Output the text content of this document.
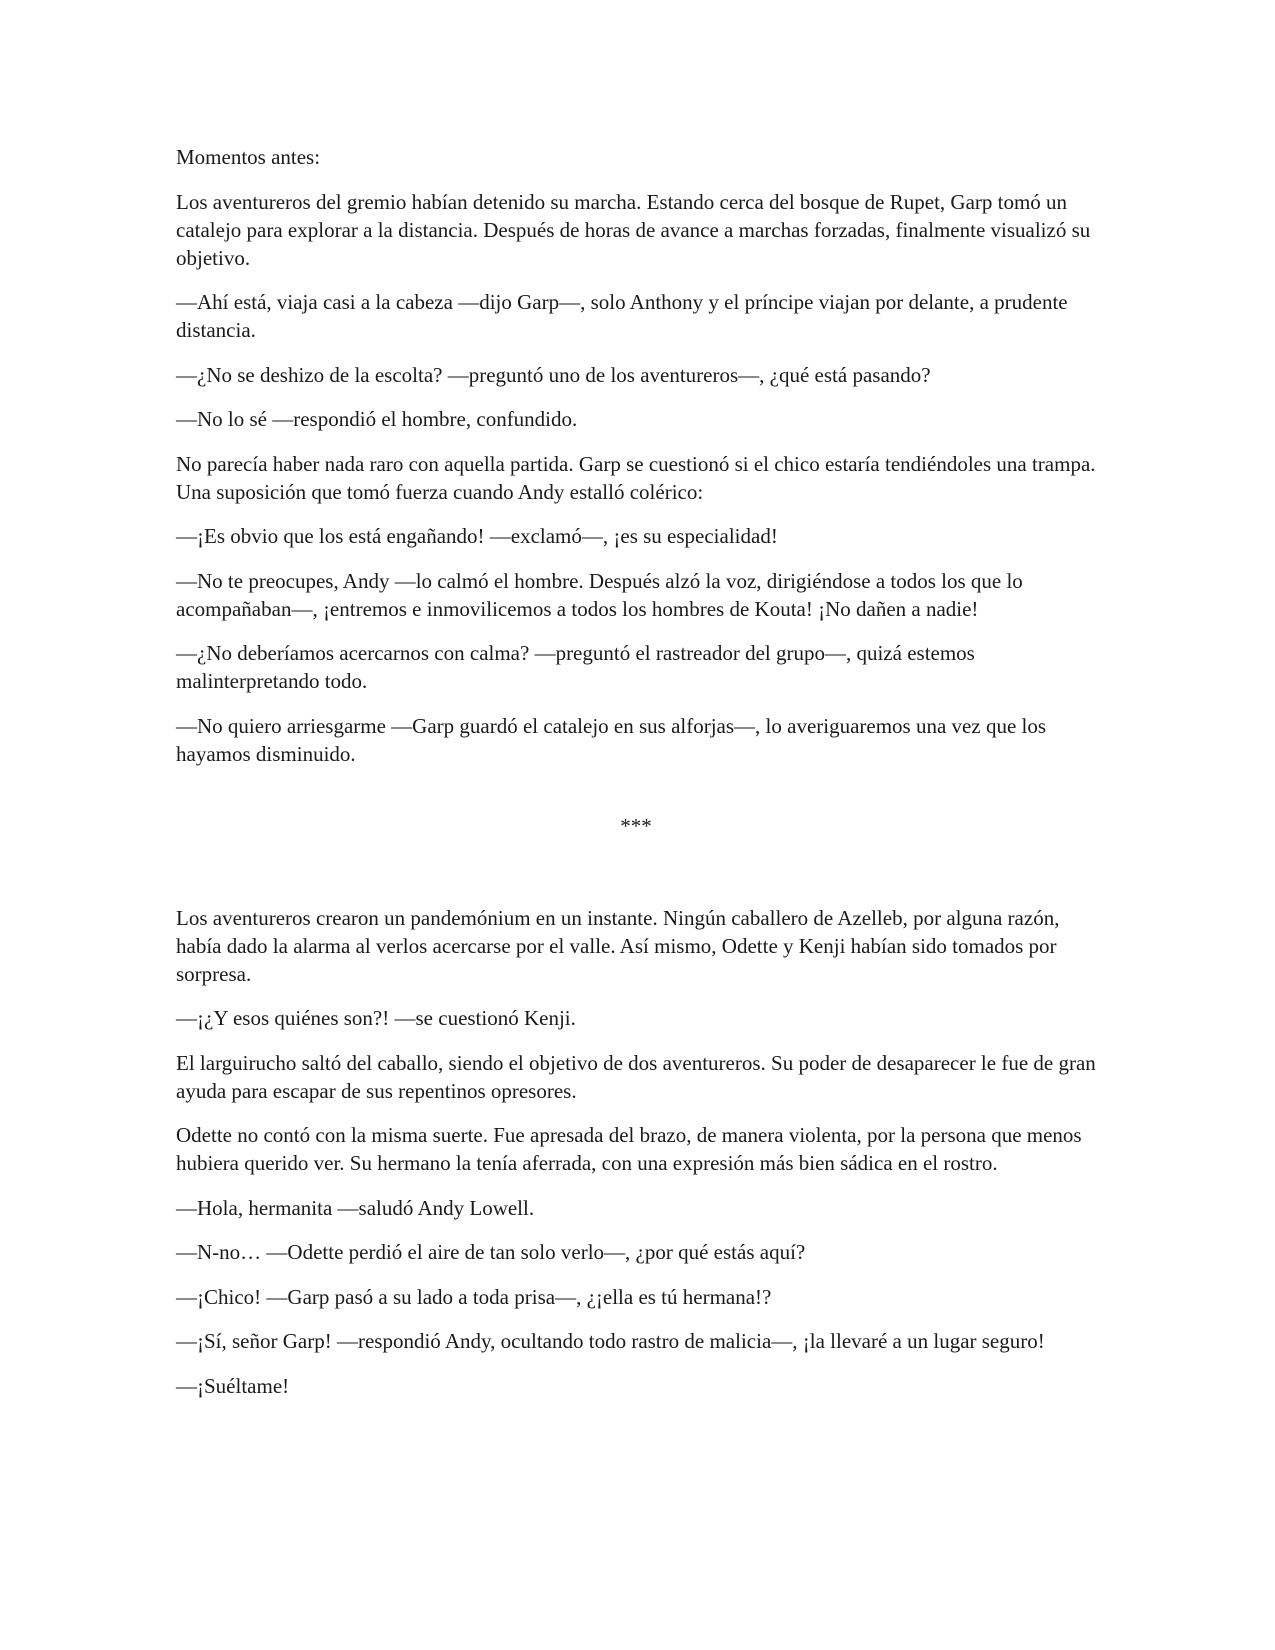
Momentos antes:

Los aventureros del gremio habían detenido su marcha. Estando cerca del bosque de Rupet, Garp tomó un catalejo para explorar a la distancia. Después de horas de avance a marchas forzadas, finalmente visualizó su objetivo.

—Ahí está, viaja casi a la cabeza —dijo Garp—, solo Anthony y el príncipe viajan por delante, a prudente distancia.

—¿No se deshizo de la escolta? —preguntó uno de los aventureros—, ¿qué está pasando?

—No lo sé —respondió el hombre, confundido.

No parecía haber nada raro con aquella partida. Garp se cuestionó si el chico estaría tendiéndoles una trampa. Una suposición que tomó fuerza cuando Andy estalló colérico:

—¡Es obvio que los está engañando! —exclamó—, ¡es su especialidad!

—No te preocupes, Andy —lo calmó el hombre. Después alzó la voz, dirigiéndose a todos los que lo acompañaban—, ¡entremos e inmovilicemos a todos los hombres de Kouta! ¡No dañen a nadie!

—¿No deberíamos acercarnos con calma? —preguntó el rastreador del grupo—, quizá estemos malinterpretando todo.

—No quiero arriesgarme —Garp guardó el catalejo en sus alforjas—, lo averiguaremos una vez que los hayamos disminuido.

***

Los aventureros crearon un pandemónium en un instante. Ningún caballero de Azelleb, por alguna razón, había dado la alarma al verlos acercarse por el valle. Así mismo, Odette y Kenji habían sido tomados por sorpresa.

—¡¿Y esos quiénes son?! —se cuestionó Kenji.

El larguirucho saltó del caballo, siendo el objetivo de dos aventureros. Su poder de desaparecer le fue de gran ayuda para escapar de sus repentinos opresores.

Odette no contó con la misma suerte. Fue apresada del brazo, de manera violenta, por la persona que menos hubiera querido ver. Su hermano la tenía aferrada, con una expresión más bien sádica en el rostro.

—Hola, hermanita —saludó Andy Lowell.

—N-no… —Odette perdió el aire de tan solo verlo—, ¿por qué estás aquí?

—¡Chico! —Garp pasó a su lado a toda prisa—, ¿¡ella es tú hermana!?

—¡Sí, señor Garp! —respondió Andy, ocultando todo rastro de malicia—, ¡la llevaré a un lugar seguro!

—¡Suéltame!
